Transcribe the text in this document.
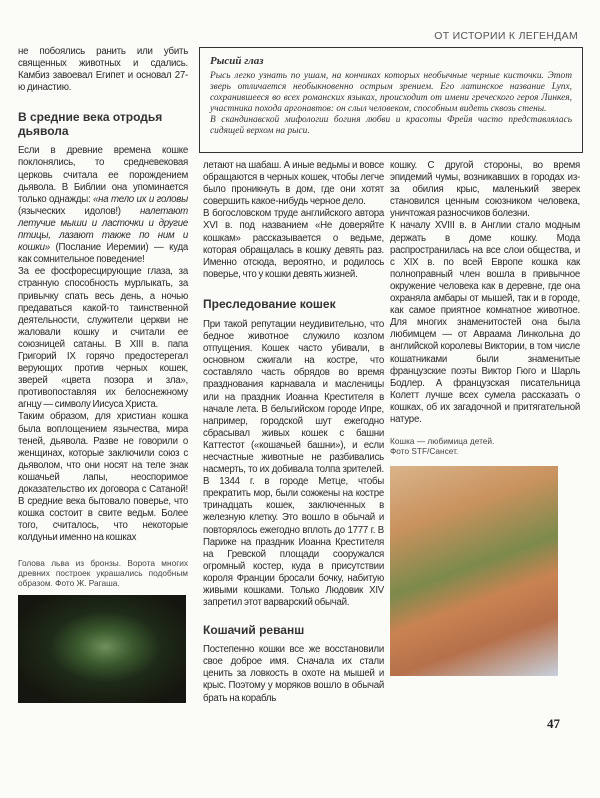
ОТ ИСТОРИИ К ЛЕГЕНДАМ

не побоялись ранить или убить священных животных и сдались. Камбиз завоевал Египет и основал 27-ю династию.

В средние века отродья дьявола

Если в древние времена кошке поклонялись, то средневековая церковь считала ее порождением дьявола. В Библии она упоминается только однажды: «на тело их и головы (языческих идолов!) налетают летучие мыши и ласточки и другие птицы, лазают также по ним и кошки» (Послание Иеремии) — куда как сомнительное поведение!

За ее фосфоресцирующие глаза, за странную способность мурлыкать, за привычку спать весь день, а ночью предаваться какой-то таинственной деятельности, служители церкви не жаловали кошку и считали ее союзницей сатаны. В XIII в. папа Григорий IX горячо предостерегал верующих против черных кошек, зверей «цвета позора и зла», противопоставляя их белоснежному агнцу — символу Иисуса Христа.

Таким образом, для христиан кошка была воплощением язычества, мира теней, дьявола. Разве не говорили о женщинах, которые заключили союз с дьяволом, что они носят на теле знак кошачьей лапы, неоспоримое доказательство их договора с Сатаной! В средние века бытовало поверье, что кошка состоит в свите ведьм. Более того, считалось, что некоторые колдуньи именно на кошках

Голова льва из бронзы. Ворота многих древних построек украшались подобным образом. Фото Ж. Рагаша.
Рысий глаз

Рысь легко узнать по ушам, на кончиках которых необычные черные кисточки. Этот зверь отличается необыкновенно острым зрением. Его латинское название Lynx, сохранившееся во всех романских языках, происходит от имени греческого героя Линкея, участника похода аргонавтов: он слыл человеком, способным видеть сквозь стены.

В скандинавской мифологии богиня любви и красоты Фрейя часто представлялась сидящей верхом на рыси.

летают на шабаш. А иные ведьмы и вовсе обращаются в черных кошек, чтобы легче было проникнуть в дом, где они хотят совершить какое-нибудь черное дело.

В богословском труде английского автора XVI в. под названием «Не доверяйте кошкам» рассказывается о ведьме, которая обращалась в кошку девять раз. Именно отсюда, вероятно, и родилось поверье, что у кошки девять жизней.

Преследование кошек

При такой репутации неудивительно, что бедное животное служило козлом отпущения. Кошек часто убивали, в основном сжигали на костре, что составляло часть обрядов во время празднования карнавала и масленицы или на праздник Иоанна Крестителя в начале лета. В бельгийском городе Ипре, например, городской шут ежегодно сбрасывал живых кошек с башни Каттестот («кошачьей башни»), и если несчастные животные не разбивались насмерть, то их добивала толпа зрителей. В 1344 г. в городе Метце, чтобы прекратить мор, были сожжены на костре тринадцать кошек, заключенных в железную клетку. Это вошло в обычай и повторялось ежегодно вплоть до 1777 г. В Париже на праздник Иоанна Крестителя на Гревской площади сооружался огромный костер, куда в присутствии короля Франции бросали бочку, набитую живыми кошками. Только Людовик XIV запретил этот варварский обычай.

Кошачий реванш

Постепенно кошки все же восстановили свое доброе имя. Сначала их стали ценить за ловкость в охоте на мышей и крыс. Поэтому у моряков вошло в обычай брать на корабль

кошку. С другой стороны, во время эпидемий чумы, возникавших в городах из-за обилия крыс, маленький зверек становился ценным союзником человека, уничтожая разносчиков болезни.

К началу XVIII в. в Англии стало модным держать в доме кошку. Мода распространилась на все слои общества, и с XIX в. по всей Европе кошка как полноправный член вошла в привычное окружение человека как в деревне, где она охраняла амбары от мышей, так и в городе, как самое приятное комнатное животное. Для многих знаменитостей она была любимцем — от Авраама Линкольна до английской королевы Виктории, в том числе кошатниками были знаменитые французские поэты Виктор Гюго и Шарль Бодлер. А французская писательница Колетт лучше всех сумела рассказать о кошках, об их загадочной и притягательной натуре.

Кошка — любимица детей. Фото STF/Сансет.
47
